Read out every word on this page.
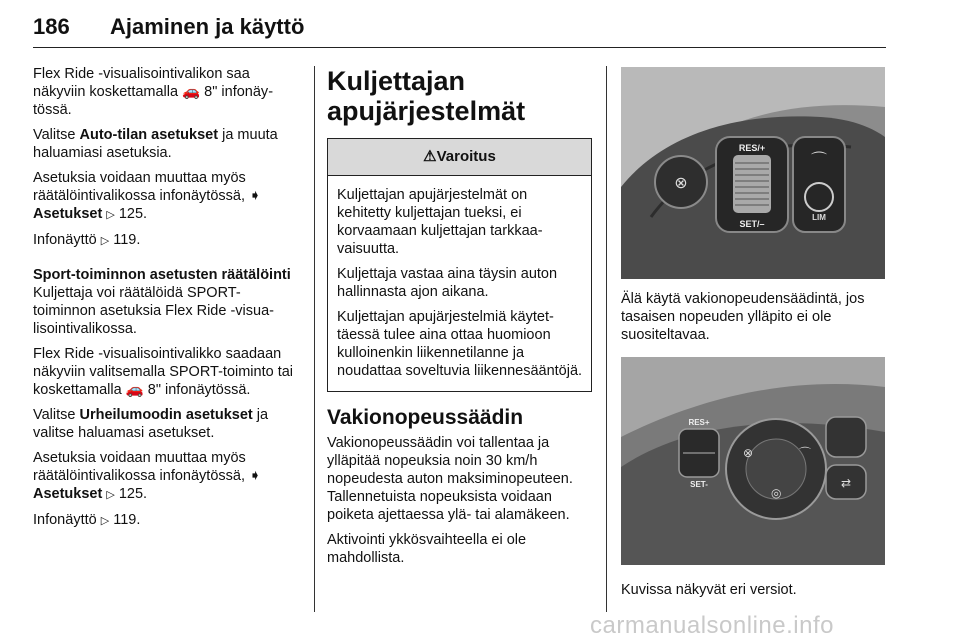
186 Ajaminen ja käyttö

Flex Ride -visualisointivalikon saa näkyviin koskettamalla 🚗 8" infonäytössä.

Valitse Auto-tilan asetukset ja muuta haluamiasi asetuksia.

Asetuksia voidaan muuttaa myös räätälöintivalikossa infonäytössä, ➧
Asetukset ▷ 125.

Infonäyttö ▷ 119.

Sport-toiminnon asetusten räätälöinti
Kuljettaja voi räätälöidä SPORT-toiminnon asetuksia Flex Ride -visualisointivalikossa.

Flex Ride -visualisointivalikko saadaan näkyviin valitsemalla SPORT-toiminto tai koskettamalla 🚗 8" infonäytössä.

Valitse Urheilumoodin asetukset ja valitse haluamasi asetukset.

Asetuksia voidaan muuttaa myös räätälöintivalikossa infonäytössä, ➧
Asetukset ▷ 125.

Infonäyttö ▷ 119.

Kuljettajan apujärjestelmät
⚠Varoitus

Kuljettajan apujärjestelmät on kehitetty kuljettajan tueksi, ei korvaamaan kuljettajan tarkkaavaisuutta.

Kuljettaja vastaa aina täysin auton hallinnasta ajon aikana.

Kuljettajan apujärjestelmiä käytettäessä tulee aina ottaa huomioon kulloinenkin liikennetilanne ja noudattaa soveltuvia liikennesääntöjä.

Vakionopeussäädin

Vakionopeussäädin voi tallentaa ja ylläpitää nopeuksia noin 30 km/h nopeudesta auton maksiminopeuteen. Tallennetuista nopeuksista voidaan poiketa ajettaessa ylä- tai alamäkeen.

Aktivointi ykkösvaihteella ei ole mahdollista.

⊗
RES/+
SET/–
⌒
LIM

Älä käytä vakionopeudensäädintä, jos tasaisen nopeuden ylläpito ei ole suositeltavaa.

RES+
SET-
⊗	⌒
◎
⇄

Kuvissa näkyvät eri versiot.

carmanualsonline.info
